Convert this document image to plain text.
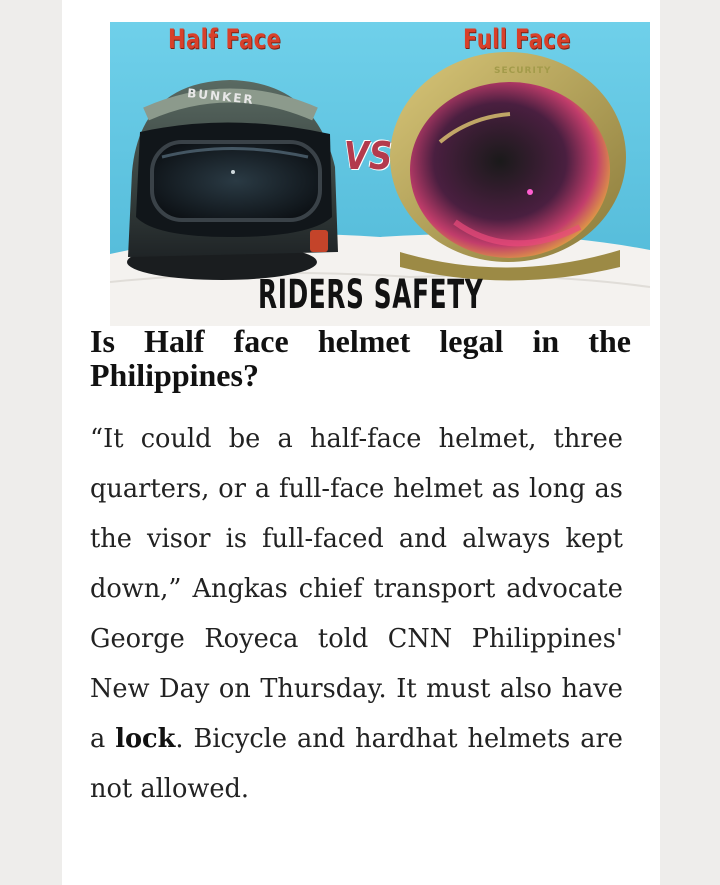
Half Face	Full Face
BUNKER
SECURITY
VS
RIDERS SAFETY
Is Half face helmet legal in the Philippines?

“It could be a half-face helmet, three quarters, or a full-face helmet as long as the visor is full-faced and always kept down,” Angkas chief transport advocate George Royeca told CNN Philippines' New Day on Thursday. It must also have a lock. Bicycle and hardhat helmets are not allowed.
